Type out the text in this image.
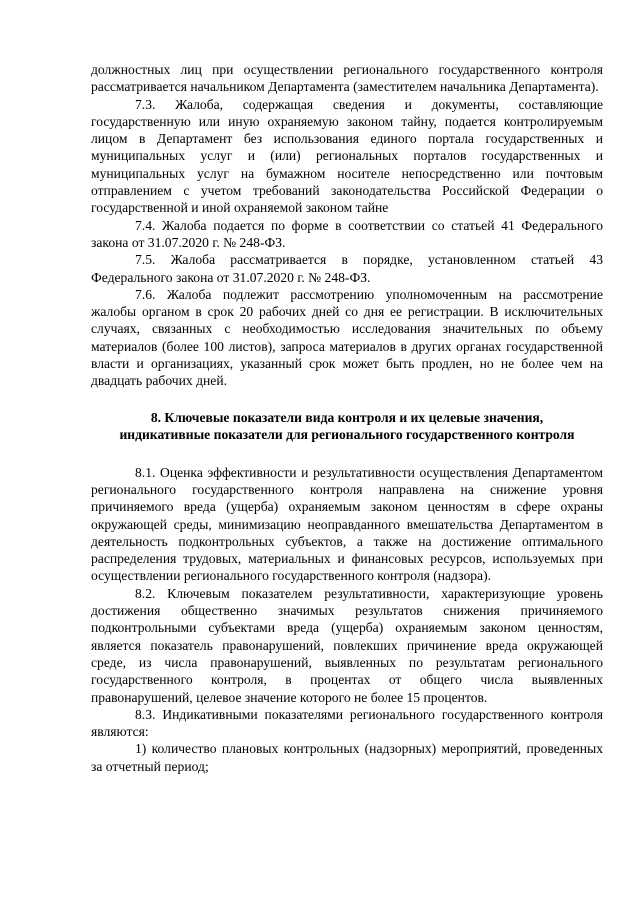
должностных лиц при осуществлении регионального государственного контроля рассматривается начальником Департамента (заместителем начальника Департамента).

7.3. Жалоба, содержащая сведения и документы, составляющие государственную или иную охраняемую законом тайну, подается контролируемым лицом в Департамент без использования единого портала государственных и муниципальных услуг и (или) региональных порталов государственных и муниципальных услуг на бумажном носителе непосредственно или почтовым отправлением с учетом требований законодательства Российской Федерации о государственной и иной охраняемой законом тайне

7.4. Жалоба подается по форме в соответствии со статьей 41 Федерального закона от 31.07.2020 г. № 248-ФЗ.

7.5. Жалоба рассматривается в порядке, установленном статьей 43 Федерального закона от 31.07.2020 г. № 248-ФЗ.

7.6. Жалоба подлежит рассмотрению уполномоченным на рассмотрение жалобы органом в срок 20 рабочих дней со дня ее регистрации. В исключительных случаях, связанных с необходимостью исследования значительных по объему материалов (более 100 листов), запроса материалов в других органах государственной власти и организациях, указанный срок может быть продлен, но не более чем на двадцать рабочих дней.

8. Ключевые показатели вида контроля и их целевые значения,
индикативные показатели для регионального государственного контроля

8.1. Оценка эффективности и результативности осуществления Департаментом регионального государственного контроля направлена на снижение уровня причиняемого вреда (ущерба) охраняемым законом ценностям в сфере охраны окружающей среды, минимизацию неоправданного вмешательства Департаментом в деятельность подконтрольных субъектов, а также на достижение оптимального распределения трудовых, материальных и финансовых ресурсов, используемых при осуществлении регионального государственного контроля (надзора).

8.2. Ключевым показателем результативности, характеризующие уровень достижения общественно значимых результатов снижения причиняемого подконтрольными субъектами вреда (ущерба) охраняемым законом ценностям, является показатель правонарушений, повлекших причинение вреда окружающей среде, из числа правонарушений, выявленных по результатам регионального государственного контроля, в процентах от общего числа выявленных правонарушений, целевое значение которого не более 15 процентов.

8.3. Индикативными показателями регионального государственного контроля являются:

1) количество плановых контрольных (надзорных) мероприятий, проведенных за отчетный период;
